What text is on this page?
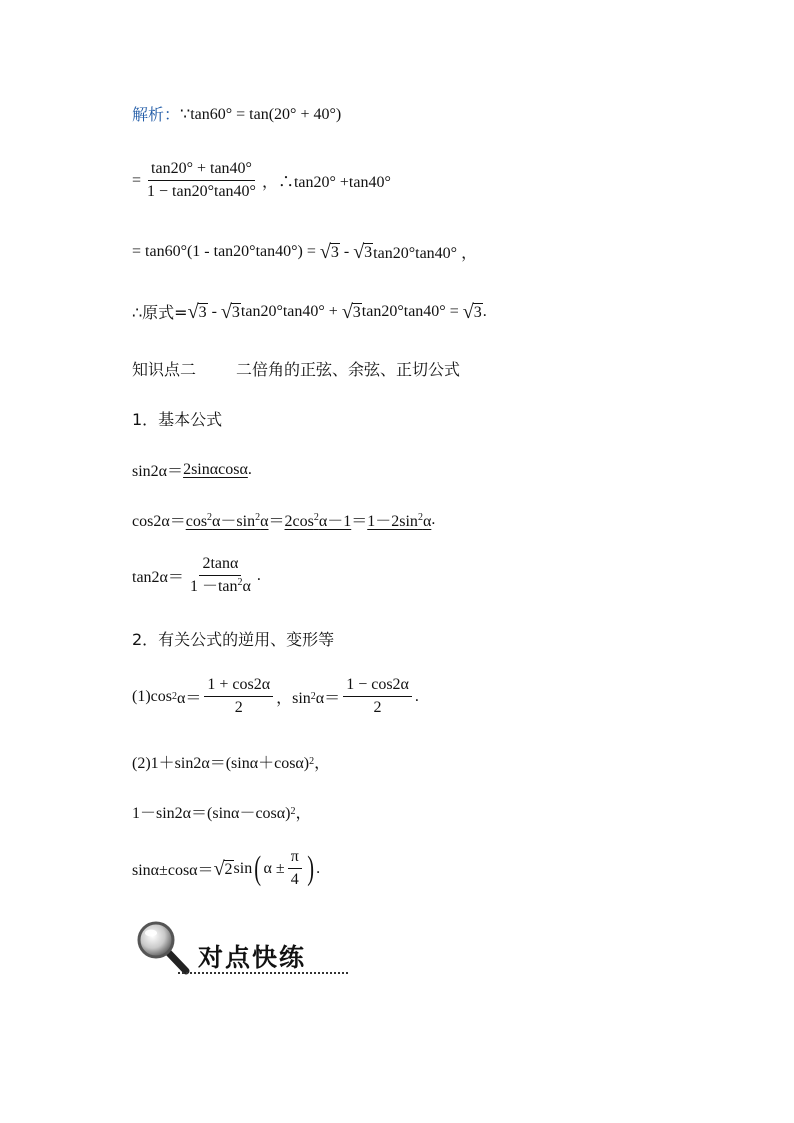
解析 ： ∵tan60° = tan(20° + 40°)
= $\frac{\tan 20^\circ + \tan 40^\circ}{1 - \tan 20^\circ\tan 40^\circ}$ ，∴tan20° +tan40°
= tan60°(1 - tan20°tan40°) =
√ 3
-
√ 3 tan20°tan40° ，
∴原式= √ 3
-
√ 3 tan20°tan40° +
√ 3 tan20°tan40° =
√ 3 .
知识点二	二倍角的正弦、余弦、正切公式
1．基本公式
sin2α＝ 2sinαcosα .
$\cos 2\alpha= \cos^2\alpha-\sin^2\alpha = 2\cos^2\alpha-1 = 1-2\sin^2\alpha$ .
$\tan 2\alpha= \frac{2\tan\alpha}{1 -\tan^2\alpha}$ .
2．有关公式的逆用、变形等
(1)cos 2 $\alpha= \frac{1 + \cos 2\alpha}{2}$ ，sin 2 $\alpha= \frac{1 - \cos 2\alpha}{2}$ .
(2)1＋sin2α＝(sinα＋cosα) 2 ，
1－sin2α＝(sinα－cosα) 2 ，
sinα±cosα＝ √ 2 sin ( $\alpha \pm \frac{\pi}{4}$ ) .
对点快练
